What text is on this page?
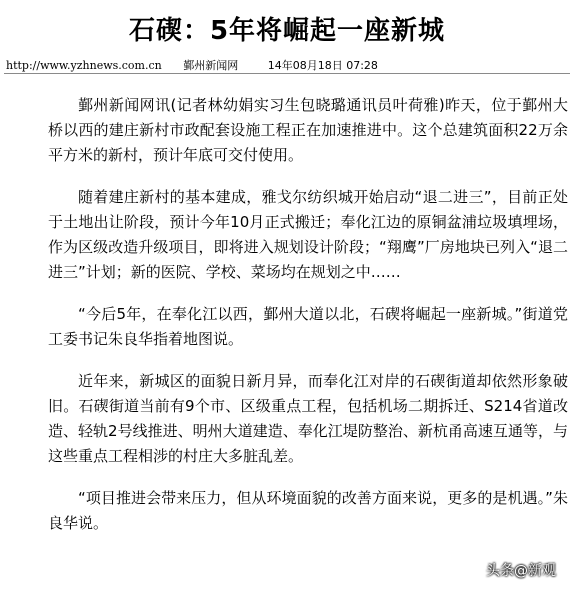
石碶：5年将崛起一座新城
http://www.yzhnews.com.cn 鄞州新闻网	14年08月18日 07:28

鄞州新闻网讯(记者林幼娟实习生包晓璐通讯员叶荷雅)昨天，位于鄞州大桥以西的建庄新村市政配套设施工程正在加速推进中。这个总建筑面积22万余平方米的新村，预计年底可交付使用。

随着建庄新村的基本建成，雅戈尔纺织城开始启动“退二进三”，目前正处于土地出让阶段，预计今年10月正式搬迁；奉化江边的原铜盆浦垃圾填埋场，作为区级改造升级项目，即将进入规划设计阶段；“翔鹰”厂房地块已列入“退二进三”计划；新的医院、学校、菜场均在规划之中……

“今后5年，在奉化江以西，鄞州大道以北，石碶将崛起一座新城。”街道党工委书记朱良华指着地图说。

近年来，新城区的面貌日新月异，而奉化江对岸的石碶街道却依然形象破旧。石碶街道当前有9个市、区级重点工程，包括机场二期拆迁、S214省道改造、轻轨2号线推进、明州大道建造、奉化江堤防整治、新杭甬高速互通等，与这些重点工程相涉的村庄大多脏乱差。

“项目推进会带来压力，但从环境面貌的改善方面来说，更多的是机遇。”朱良华说。

头条@新观
